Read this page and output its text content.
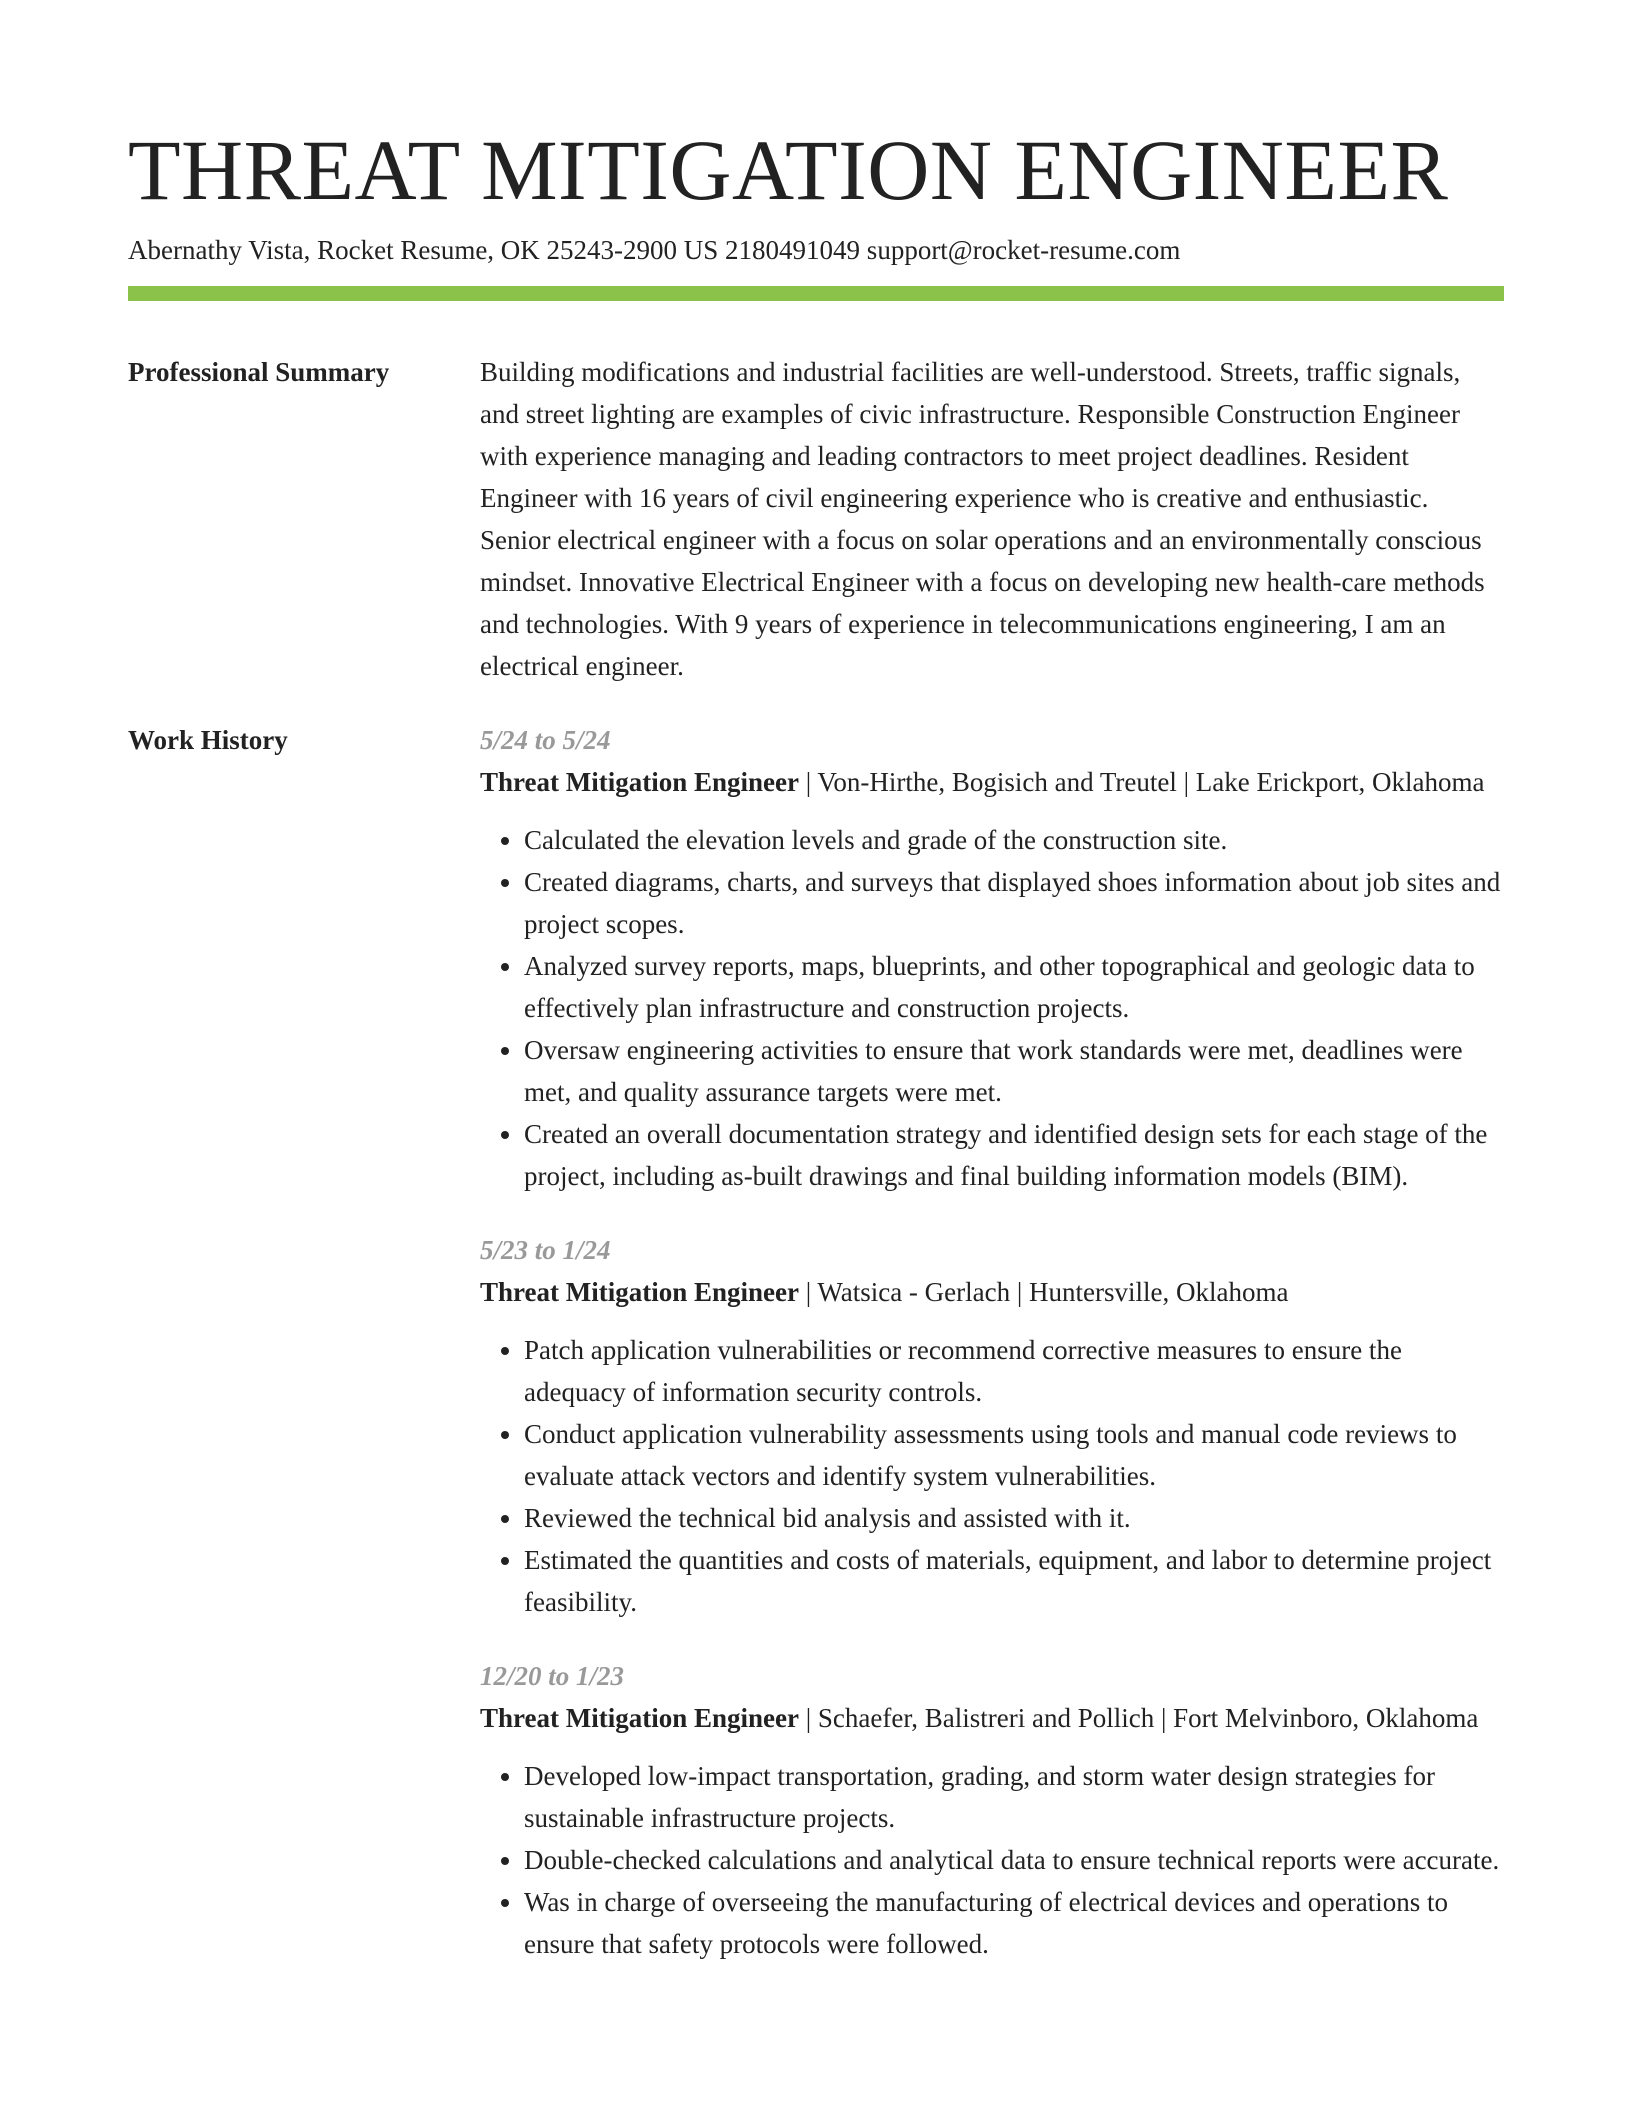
THREAT MITIGATION ENGINEER
Abernathy Vista, Rocket Resume, OK 25243-2900 US 2180491049 support@rocket-resume.com
Professional Summary	Building modifications and industrial facilities are well-understood. Streets, traffic signals, and street lighting are examples of civic infrastructure. Responsible Construction Engineer with experience managing and leading contractors to meet project deadlines. Resident Engineer with 16 years of civil engineering experience who is creative and enthusiastic. Senior electrical engineer with a focus on solar operations and an environmentally conscious mindset. Innovative Electrical Engineer with a focus on developing new health-care methods and technologies. With 9 years of experience in telecommunications engineering, I am an electrical engineer.
Work History	5/24 to 5/24
Threat Mitigation Engineer | Von-Hirthe, Bogisich and Treutel | Lake Erickport, Oklahoma
• Calculated the elevation levels and grade of the construction site.
• Created diagrams, charts, and surveys that displayed shoes information about job sites and project scopes.
• Analyzed survey reports, maps, blueprints, and other topographical and geologic data to effectively plan infrastructure and construction projects.
• Oversaw engineering activities to ensure that work standards were met, deadlines were met, and quality assurance targets were met.
• Created an overall documentation strategy and identified design sets for each stage of the project, including as-built drawings and final building information models (BIM).
5/23 to 1/24
Threat Mitigation Engineer | Watsica - Gerlach | Huntersville, Oklahoma
• Patch application vulnerabilities or recommend corrective measures to ensure the adequacy of information security controls.
• Conduct application vulnerability assessments using tools and manual code reviews to evaluate attack vectors and identify system vulnerabilities.
• Reviewed the technical bid analysis and assisted with it.
• Estimated the quantities and costs of materials, equipment, and labor to determine project feasibility.
12/20 to 1/23
Threat Mitigation Engineer | Schaefer, Balistreri and Pollich | Fort Melvinboro, Oklahoma
• Developed low-impact transportation, grading, and storm water design strategies for sustainable infrastructure projects.
• Double-checked calculations and analytical data to ensure technical reports were accurate.
• Was in charge of overseeing the manufacturing of electrical devices and operations to ensure that safety protocols were followed.
